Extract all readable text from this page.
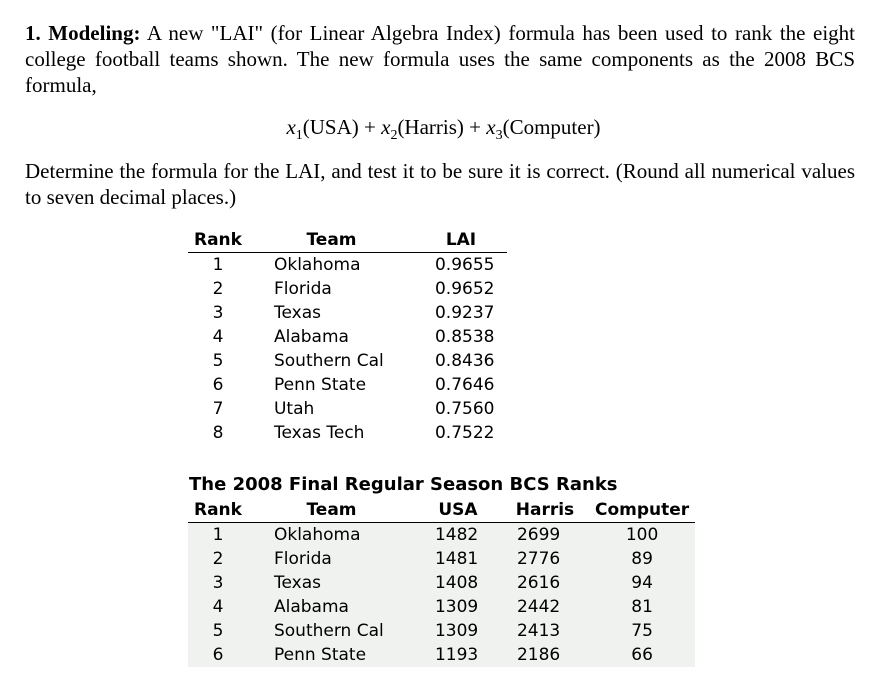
1. Modeling: A new "LAI" (for Linear Algebra Index) formula has been used to rank the eight college football teams shown. The new formula uses the same components as the 2008 BCS formula,

$x_1(USA)$ + $x_2(Harris)$ + $x_3(Computer)$
Determine the formula for the LAI, and test it to be sure it is correct. (Round all numerical values to seven decimal places.)
Rank	Team	LAI
1	Oklahoma	0.9655
2	Florida	0.9652
3	Texas	0.9237
4	Alabama	0.8538
5	Southern Cal	0.8436
6	Penn State	0.7646
7	Utah	0.7560
8	Texas Tech	0.7522
The 2008 Final Regular Season BCS Ranks
Rank	Team	USA	Harris	Computer
1	Oklahoma	1482	2699	100
2	Florida	1481	2776	89
3	Texas	1408	2616	94
4	Alabama	1309	2442	81
5	Southern Cal	1309	2413	75
6	Penn State	1193	2186	66
